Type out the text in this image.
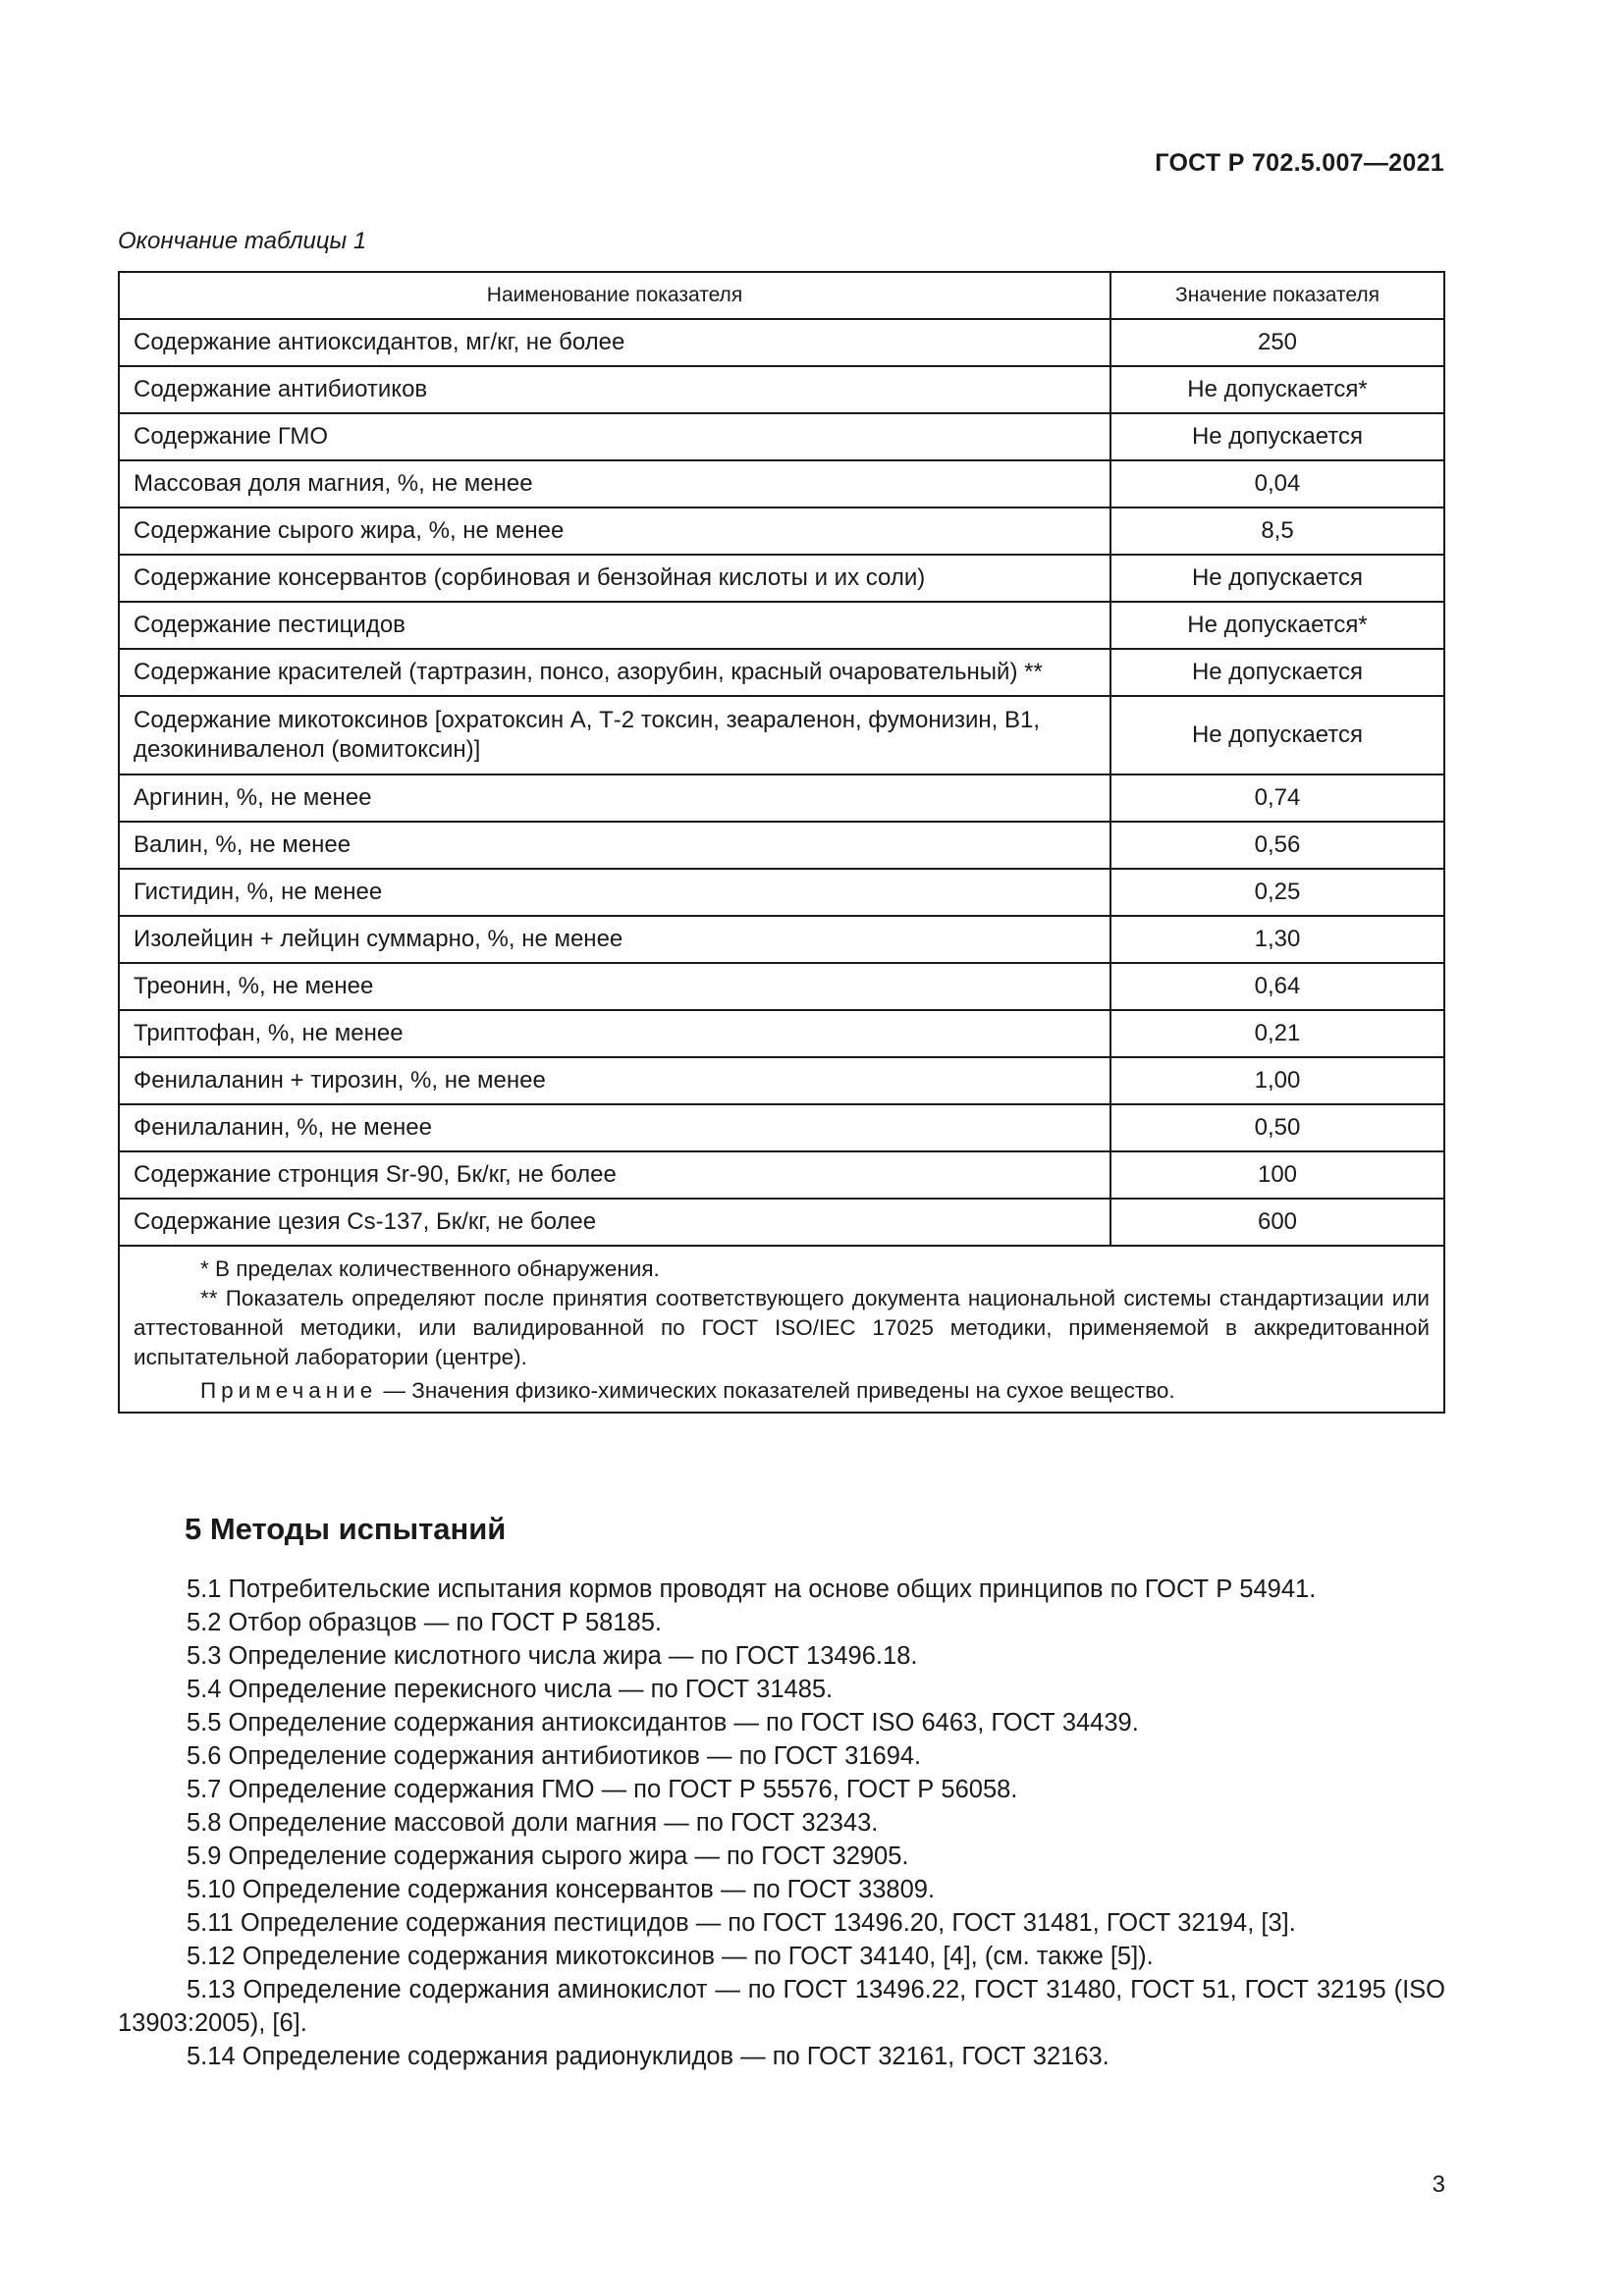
ГОСТ Р 702.5.007—2021
Окончание таблицы 1
Наименование показателя	Значение показателя
Содержание антиоксидантов, мг/кг, не более	250
Содержание антибиотиков	Не допускается*
Содержание ГМО	Не допускается
Массовая доля магния, %, не менее	0,04
Содержание сырого жира, %, не менее	8,5
Содержание консервантов (сорбиновая и бензойная кислоты и их соли)	Не допускается
Содержание пестицидов	Не допускается*
Содержание красителей (тартразин, понсо, азорубин, красный очаровательный) **	Не допускается
Содержание микотоксинов [охратоксин А, Т-2 токсин, зеараленон, фумонизин, В1, дезокиниваленол (вомитоксин)]	Не допускается
Аргинин, %, не менее	0,74
Валин, %, не менее	0,56
Гистидин, %, не менее	0,25
Изолейцин + лейцин суммарно, %, не менее	1,30
Треонин, %, не менее	0,64
Триптофан, %, не менее	0,21
Фенилаланин + тирозин, %, не менее	1,00
Фенилаланин, %, не менее	0,50
Содержание стронция Sr-90, Бк/кг, не более	100
Содержание цезия Cs-137, Бк/кг, не более	600

* В пределах количественного обнаружения.

** Показатель определяют после принятия соответствующего документа национальной системы стандартизации или аттестованной методики, или валидированной по ГОСТ ISO/IEC 17025 методики, применяемой в аккредитованной испытательной лаборатории (центре).

Примечание — Значения физико-химических показателей приведены на сухое вещество.	

5 Методы испытаний

5.1 Потребительские испытания кормов проводят на основе общих принципов по ГОСТ Р 54941.

5.2 Отбор образцов — по ГОСТ Р 58185.

5.3 Определение кислотного числа жира — по ГОСТ 13496.18.

5.4 Определение перекисного числа — по ГОСТ 31485.

5.5 Определение содержания антиоксидантов — по ГОСТ ISO 6463, ГОСТ 34439.

5.6 Определение содержания антибиотиков — по ГОСТ 31694.

5.7 Определение содержания ГМО — по ГОСТ Р 55576, ГОСТ Р 56058.

5.8 Определение массовой доли магния — по ГОСТ 32343.

5.9 Определение содержания сырого жира — по ГОСТ 32905.

5.10 Определение содержания консервантов — по ГОСТ 33809.

5.11 Определение содержания пестицидов — по ГОСТ 13496.20, ГОСТ 31481, ГОСТ 32194, [3].

5.12 Определение содержания микотоксинов — по ГОСТ 34140, [4], (см. также [5]).

5.13 Определение содержания аминокислот — по ГОСТ 13496.22, ГОСТ 31480, ГОСТ 51, ГОСТ 32195 (ISO 13903:2005), [6].

5.14 Определение содержания радионуклидов — по ГОСТ 32161, ГОСТ 32163.

3
